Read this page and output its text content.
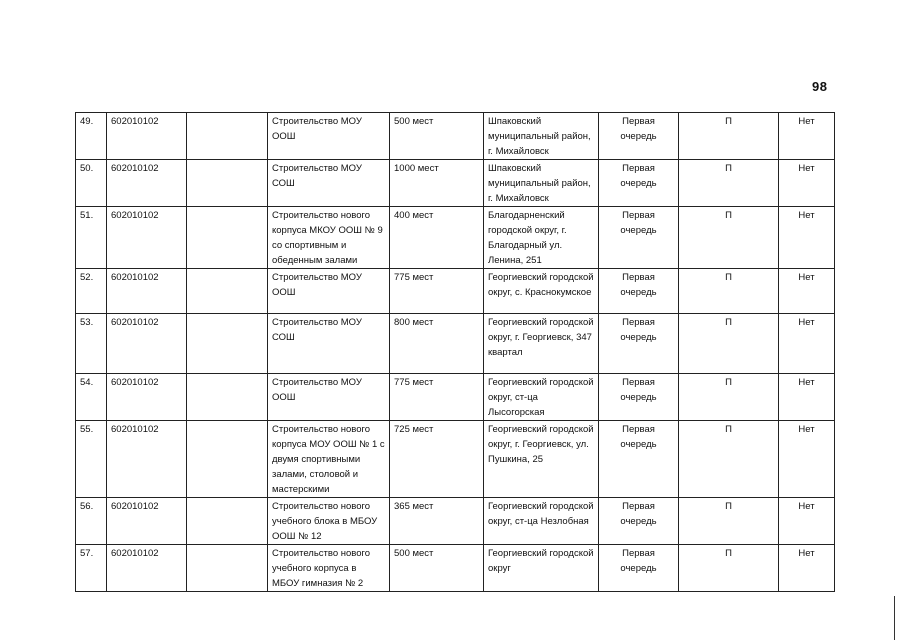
98
49.	602010102		Строительство МОУ ООШ	500 мест	Шпаковский муниципальный район, г. Михайловск	Первая очередь	П	Нет
50.	602010102		Строительство МОУ СОШ	1000 мест	Шпаковский муниципальный район, г. Михайловск	Первая очередь	П	Нет
51.	602010102		Строительство нового корпуса МКОУ ООШ № 9 со спортивным и обеденным залами	400 мест	Благодарненский городской округ, г. Благодарный ул. Ленина, 251	Первая очередь	П	Нет
52.	602010102		Строительство МОУ ООШ	775 мест	Георгиевский городской округ, с. Краснокумское	Первая очередь	П	Нет
53.	602010102		Строительство МОУ СОШ	800 мест	Георгиевский городской округ, г. Георгиевск, 347 квартал	Первая очередь	П	Нет
54.	602010102		Строительство МОУ ООШ	775 мест	Георгиевский городской округ, ст-ца Лысогорская	Первая очередь	П	Нет
55.	602010102		Строительство нового корпуса МОУ ООШ № 1 с двумя спортивными залами, столовой и мастерскими	725 мест	Георгиевский городской округ, г. Георгиевск, ул. Пушкина, 25	Первая очередь	П	Нет
56.	602010102		Строительство нового учебного блока в МБОУ ООШ № 12	365 мест	Георгиевский городской округ, ст-ца Незлобная	Первая очередь	П	Нет
57.	602010102		Строительство нового учебного корпуса в МБОУ гимназия № 2	500 мест	Георгиевский городской округ	Первая очередь	П	Нет
